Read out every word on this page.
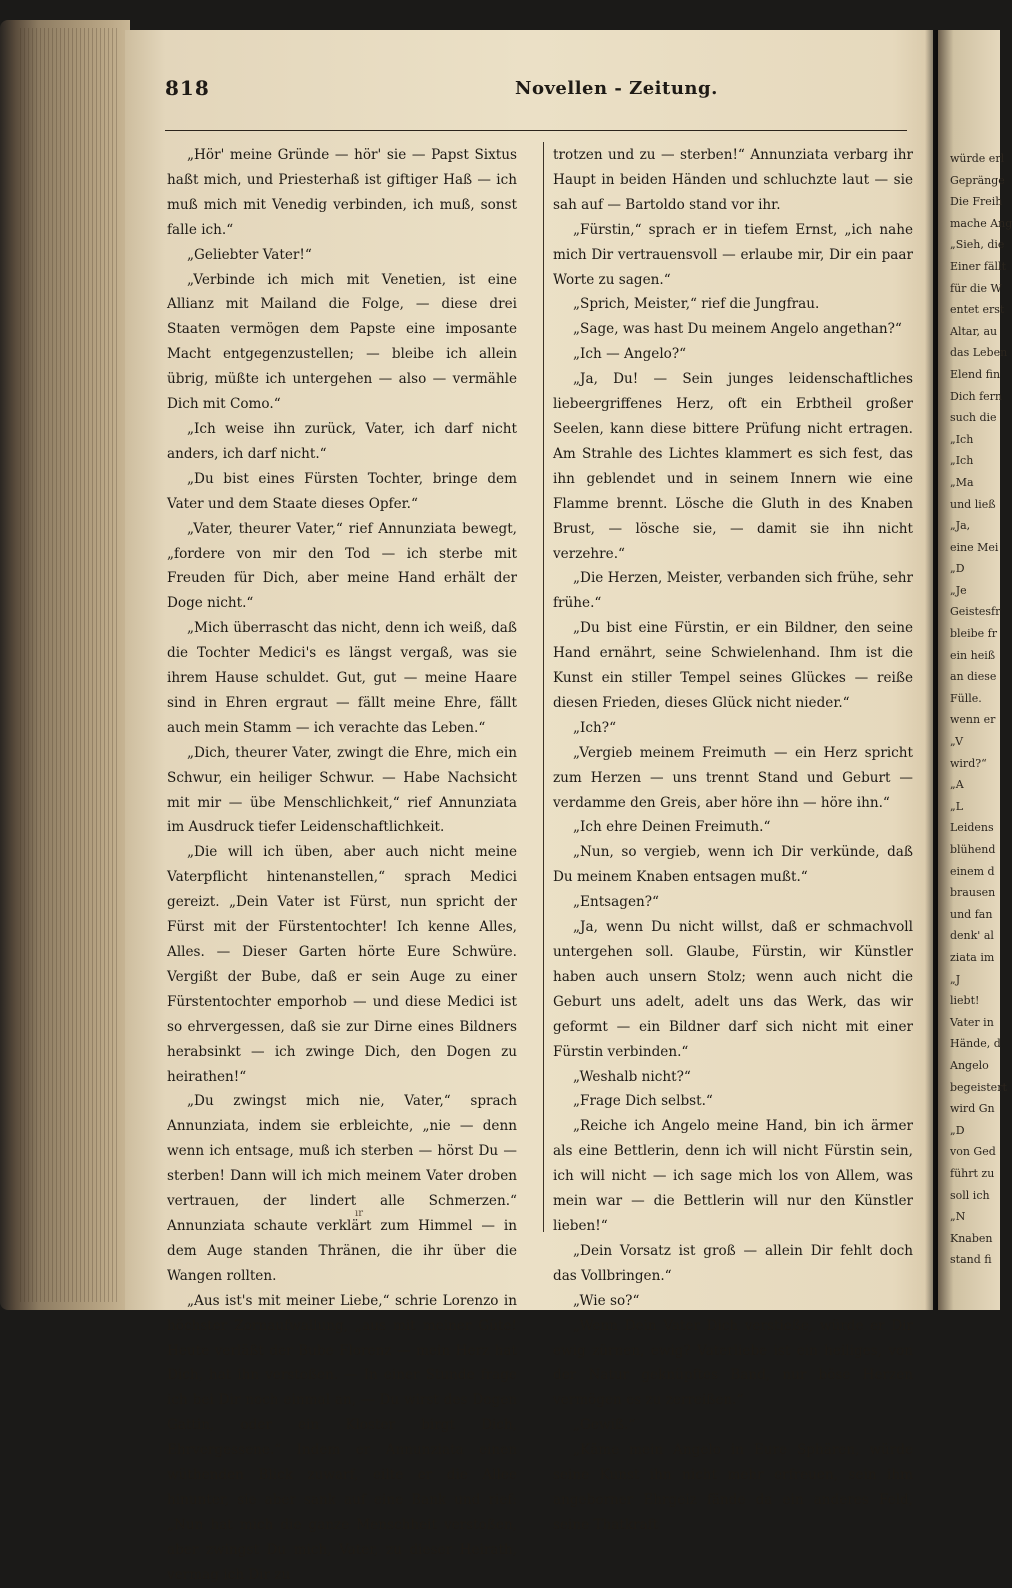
818	Novellen - Zeitung.

„Hör' meine Gründe — hör' sie — Papst Sixtus haßt mich, und Priesterhaß ist giftiger Haß — ich muß mich mit Venedig verbinden, ich muß, sonst falle ich.“

„Geliebter Vater!“

„Verbinde ich mich mit Venetien, ist eine Allianz mit Mailand die Folge, — diese drei Staaten vermögen dem Papste eine imposante Macht entgegenzustellen; — bleibe ich allein übrig, müßte ich untergehen — also — vermähle Dich mit Como.“

„Ich weise ihn zurück, Vater, ich darf nicht anders, ich darf nicht.“

„Du bist eines Fürsten Tochter, bringe dem Vater und dem Staate dieses Opfer.“

„Vater, theurer Vater,“ rief Annunziata bewegt, „fordere von mir den Tod — ich sterbe mit Freuden für Dich, aber meine Hand erhält der Doge nicht.“

„Mich überrascht das nicht, denn ich weiß, daß die Tochter Medici's es längst vergaß, was sie ihrem Hause schuldet. Gut, gut — meine Haare sind in Ehren ergraut — fällt meine Ehre, fällt auch mein Stamm — ich verachte das Leben.“

„Dich, theurer Vater, zwingt die Ehre, mich ein Schwur, ein heiliger Schwur. — Habe Nachsicht mit mir — übe Menschlichkeit,“ rief Annunziata im Ausdruck tiefer Leidenschaftlichkeit.

„Die will ich üben, aber auch nicht meine Vaterpflicht hintenanstellen,“ sprach Medici gereizt. „Dein Vater ist Fürst, nun spricht der Fürst mit der Fürstentochter! Ich kenne Alles, Alles. — Dieser Garten hörte Eure Schwüre. Vergißt der Bube, daß er sein Auge zu einer Fürstentochter emporhob — und diese Medici ist so ehrvergessen, daß sie zur Dirne eines Bildners herabsinkt — ich zwinge Dich, den Dogen zu heirathen!“

„Du zwingst mich nie, Vater,“ sprach Annunziata, indem sie erbleichte, „nie — denn wenn ich entsage, muß ich sterben — hörst Du — sterben! Dann will ich mich meinem Vater droben vertrauen, der lindert alle Schmerzen.“ Annunziata schaute verklärt zum Himmel — in dem Auge standen Thränen, die ihr über die Wangen rollten.

„Aus ist's mit meiner Liebe,“ schrie Lorenzo in höchster Zornaufwallung, „aus mit meiner Güte! Heute verläßt der Bube Florenz — mein Herz hat Dich, hat ihn verstoßen. — In einer Stunde frage ich bei Dir noch einmal an, — Du wirst des Dogen Gattin, oder ein Kloster birgt Dich, Ehrvergessene.“ Indem er Annunziata einen wüthenden Blick zuwarf, eilte er die Allee hinunter, sie aber sank auf eine Bank und rief: „Nun hat mich die ganze Menschheit verstoßen, aber zwingst Du mich, Vater, zu dieser Heirath, vermag ich Dir zu

trotzen und zu — sterben!“ Annunziata verbarg ihr Haupt in beiden Händen und schluchzte laut — sie sah auf — Bartoldo stand vor ihr.

„Fürstin,“ sprach er in tiefem Ernst, „ich nahe mich Dir vertrauensvoll — erlaube mir, Dir ein paar Worte zu sagen.“

„Sprich, Meister,“ rief die Jungfrau.

„Sage, was hast Du meinem Angelo angethan?“

„Ich — Angelo?“

„Ja, Du! — Sein junges leidenschaftliches liebeergriffenes Herz, oft ein Erbtheil großer Seelen, kann diese bittere Prüfung nicht ertragen. Am Strahle des Lichtes klammert es sich fest, das ihn geblendet und in seinem Innern wie eine Flamme brennt. Lösche die Gluth in des Knaben Brust, — lösche sie, — damit sie ihn nicht verzehre.“

„Die Herzen, Meister, verbanden sich frühe, sehr frühe.“

„Du bist eine Fürstin, er ein Bildner, den seine Hand ernährt, seine Schwielenhand. Ihm ist die Kunst ein stiller Tempel seines Glückes — reiße diesen Frieden, dieses Glück nicht nieder.“

„Ich?“

„Vergieb meinem Freimuth — ein Herz spricht zum Herzen — uns trennt Stand und Geburt — verdamme den Greis, aber höre ihn — höre ihn.“

„Ich ehre Deinen Freimuth.“

„Nun, so vergieb, wenn ich Dir verkünde, daß Du meinem Knaben entsagen mußt.“

„Entsagen?“

„Ja, wenn Du nicht willst, daß er schmachvoll untergehen soll. Glaube, Fürstin, wir Künstler haben auch unsern Stolz; wenn auch nicht die Geburt uns adelt, adelt uns das Werk, das wir geformt — ein Bildner darf sich nicht mit einer Fürstin verbinden.“

„Weshalb nicht?“

„Frage Dich selbst.“

„Reiche ich Angelo meine Hand, bin ich ärmer als eine Bettlerin, denn ich will nicht Fürstin sein, ich will nicht — ich sage mich los von Allem, was mein war — die Bettlerin will nur den Künstler lieben!“

„Dein Vorsatz ist groß — allein Dir fehlt doch das Vollbringen.“

„Wie so?“

„Wenn Dein Vater Dich verstieße, würde er Dir ewig zürnen, ewig? Vaterliebe ist ein heiliges, von der Natur geknüpftes Band, nur böse Herzen vermögen es zu zerreißen.“

„Gewiß.“

„Käme mein Angelo in Eure Sphären, würde seine Kunst ihn nicht mehr erfreuen, sein ihm angeborner Ehrgeiz fände da ein anderes Feld, seine Thatkraft

ır
würde erl
Gepränge
Die Freih
mache Ang
„Sieh, die
Einer fällt
für die W
entet erst
Altar, au
das Leben
Elend fin
Dich fern
such die
„Ich
„Ich
„Ma
und ließ
„Ja,
eine Mei
„D
„Je
Geistesfr
bleibe fr
ein heiß
an diese
Fülle.
wenn er
„V
wird?“
„A
„L
Leidens
blühend
einem d
brausen
und fan
denk' al
ziata im
„J
liebt!
Vater in
Hände, d
Angelo
begeistert
wird Gn
„D
von Ged
führt zu
soll ich
„N
Knaben
stand fi
